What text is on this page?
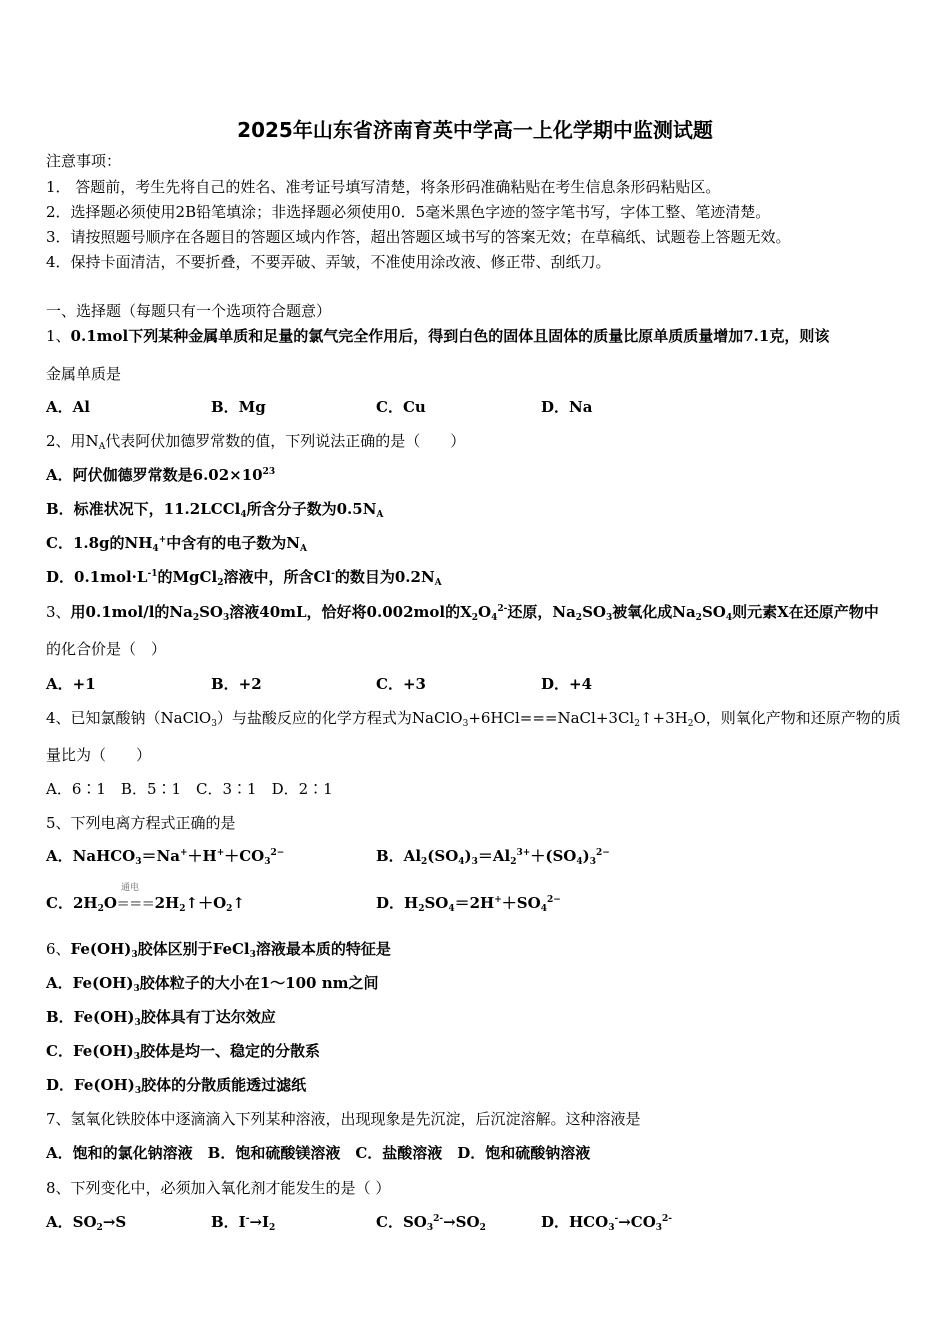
2025年山东省济南育英中学高一上化学期中监测试题
注意事项：
1． 答题前，考生先将自己的姓名、准考证号填写清楚，将条形码准确粘贴在考生信息条形码粘贴区。
2．选择题必须使用2B铅笔填涂；非选择题必须使用0．5毫米黑色字迹的签字笔书写，字体工整、笔迹清楚。
3．请按照题号顺序在各题目的答题区域内作答，超出答题区域书写的答案无效；在草稿纸、试题卷上答题无效。
4．保持卡面清洁，不要折叠，不要弄破、弄皱，不准使用涂改液、修正带、刮纸刀。
一、选择题（每题只有一个选项符合题意）
1、0.1mol下列某种金属单质和足量的氯气完全作用后，得到白色的固体且固体的质量比原单质质量增加7.1克，则该
金属单质是
A．Al	B．Mg	C．Cu	D．Na
2、用$N_A$代表阿伏加德罗常数的值，下列说法正确的是（　　）
A．阿伏伽德罗常数是$6.02\times 10^{23}$
B．标准状况下，11.2LCCl$_4$所含分子数为$0.5N_A$
C．1.8g的$NH_4^+$中含有的电子数为$N_A$
D．$0.1mol\cdot L^{-1}$的MgCl$_2$溶液中，所含Cl-的数目为$0.2N_A$
3、用0.1mol/l的$Na_2SO_3$溶液40mL，恰好将0.002mol的$X_2O_4^{2-}$还原，$Na_2SO_3$被氧化成$Na_2SO_4$则元素X在还原产物中
的化合价是（　）
A．+1	B．+2	C．+3	D．+4
4、已知氯酸钠（NaClO$_3$）与盐酸反应的化学方程式为$NaClO_3+6HCl===NaCl+3Cl_2↑+3H_2O$，则氧化产物和还原产物的质
量比为（　　）
A．6∶1　B．5∶1　C．3∶1　D．2∶1
5、下列电离方程式正确的是
A．$NaHCO_3=Na^++H^++CO_3^{2-}$	B．$Al_2(SO_4)_3=Al_2^{3+}+(SO_4)_3^{2-}$
通电
C．$2H_2O===2H_2↑+O_2↑$	D．$H_2SO_4=2H^++SO_4^{2-}$
6、$Fe(OH)_3$胶体区别于FeCl$_3$溶液最本质的特征是
A．$Fe(OH)_3$胶体粒子的大小在1～100 nm之间
B．$Fe(OH)_3$胶体具有丁达尔效应
C．$Fe(OH)_3$胶体是均一、稳定的分散系
D．$Fe(OH)_3$胶体的分散质能透过滤纸
7、氢氧化铁胶体中逐滴滴入下列某种溶液，出现现象是先沉淀，后沉淀溶解。这种溶液是
A．饱和的氯化钠溶液　B．饱和硫酸镁溶液　C．盐酸溶液　D．饱和硫酸钠溶液
8、下列变化中，必须加入氧化剂才能发生的是（ ）
A．$SO_2\to S$	B．$I^-\to I_2$	C．$SO_3^{2-}\to SO_2$	D．$HCO_3^-\to CO_3^{2-}$
